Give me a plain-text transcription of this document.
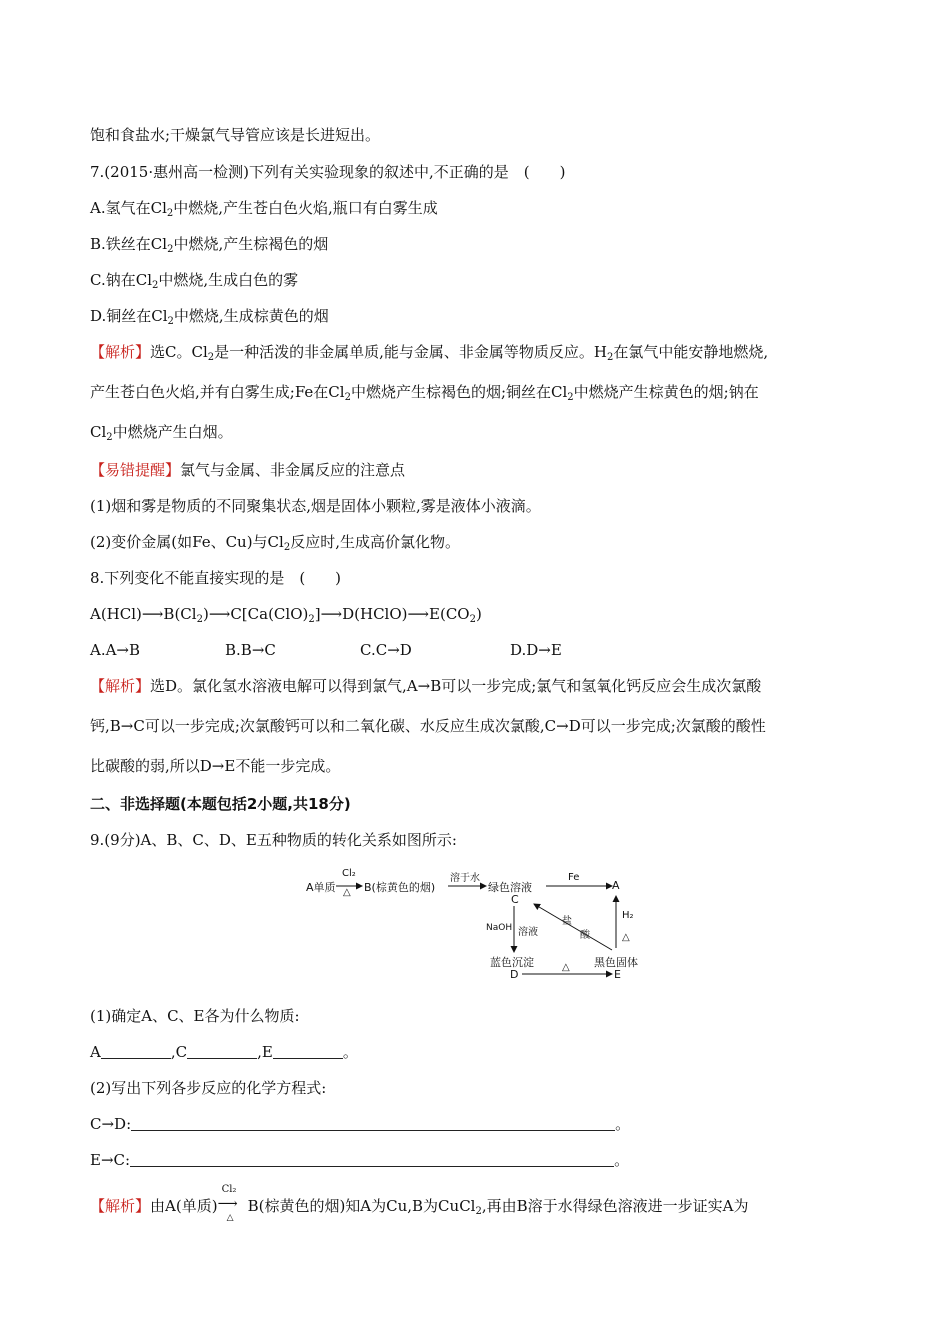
饱和食盐水;干燥氯气导管应该是长进短出。
7.(2015·惠州高一检测)下列有关实验现象的叙述中,不正确的是　(　　)
A.氢气在$Cl_2$中燃烧,产生苍白色火焰,瓶口有白雾生成
B.铁丝在$Cl_2$中燃烧,产生棕褐色的烟
C.钠在$Cl_2$中燃烧,生成白色的雾
D.铜丝在$Cl_2$中燃烧,生成棕黄色的烟
【解析】选C。$Cl_2$是一种活泼的非金属单质,能与金属、非金属等物质反应。$H_2$在氯气中能安静地燃烧,
产生苍白色火焰,并有白雾生成;Fe在$Cl_2$中燃烧产生棕褐色的烟;铜丝在$Cl_2$中燃烧产生棕黄色的烟;钠在
$Cl_2$中燃烧产生白烟。
【易错提醒】氯气与金属、非金属反应的注意点
(1)烟和雾是物质的不同聚集状态,烟是固体小颗粒,雾是液体小液滴。
(2)变价金属(如Fe、Cu)与$Cl_2$反应时,生成高价氯化物。
8.下列变化不能直接实现的是　(　　)
$A(HCl)⟶B(Cl_2)⟶C[Ca(ClO)_2]⟶D(HClO)⟶E(CO_2)$
A.A→B	B.B→C	C.C→D	D.D→E
【解析】选D。氯化氢水溶液电解可以得到氯气,A→B可以一步完成;氯气和氢氧化钙反应会生成次氯酸
钙,B→C可以一步完成;次氯酸钙可以和二氧化碳、水反应生成次氯酸,C→D可以一步完成;次氯酸的酸性
比碳酸的弱,所以D→E不能一步完成。
二、非选择题(本题包括2小题,共18分)
9.(9分)A、B、C、D、E五种物质的转化关系如图所示:
A单质
Cl₂
△ B(棕黄色的烟)
溶于水
绿色溶液
C
Fe
A
NaOH 溶液
盐
酸
H₂
△
蓝色沉淀	黑色固体
D
△
E
(1)确定A、C、E各为什么物质:
A	,C	,E	。
(2)写出下列各步反应的化学方程式:
C→D:	。
E→C:	。
【解析】由A(单质)
Cl₂
⟶
△
B(棕黄色的烟)知A为Cu,B为CuCl$_2$,再由B溶于水得绿色溶液进一步证实A为
